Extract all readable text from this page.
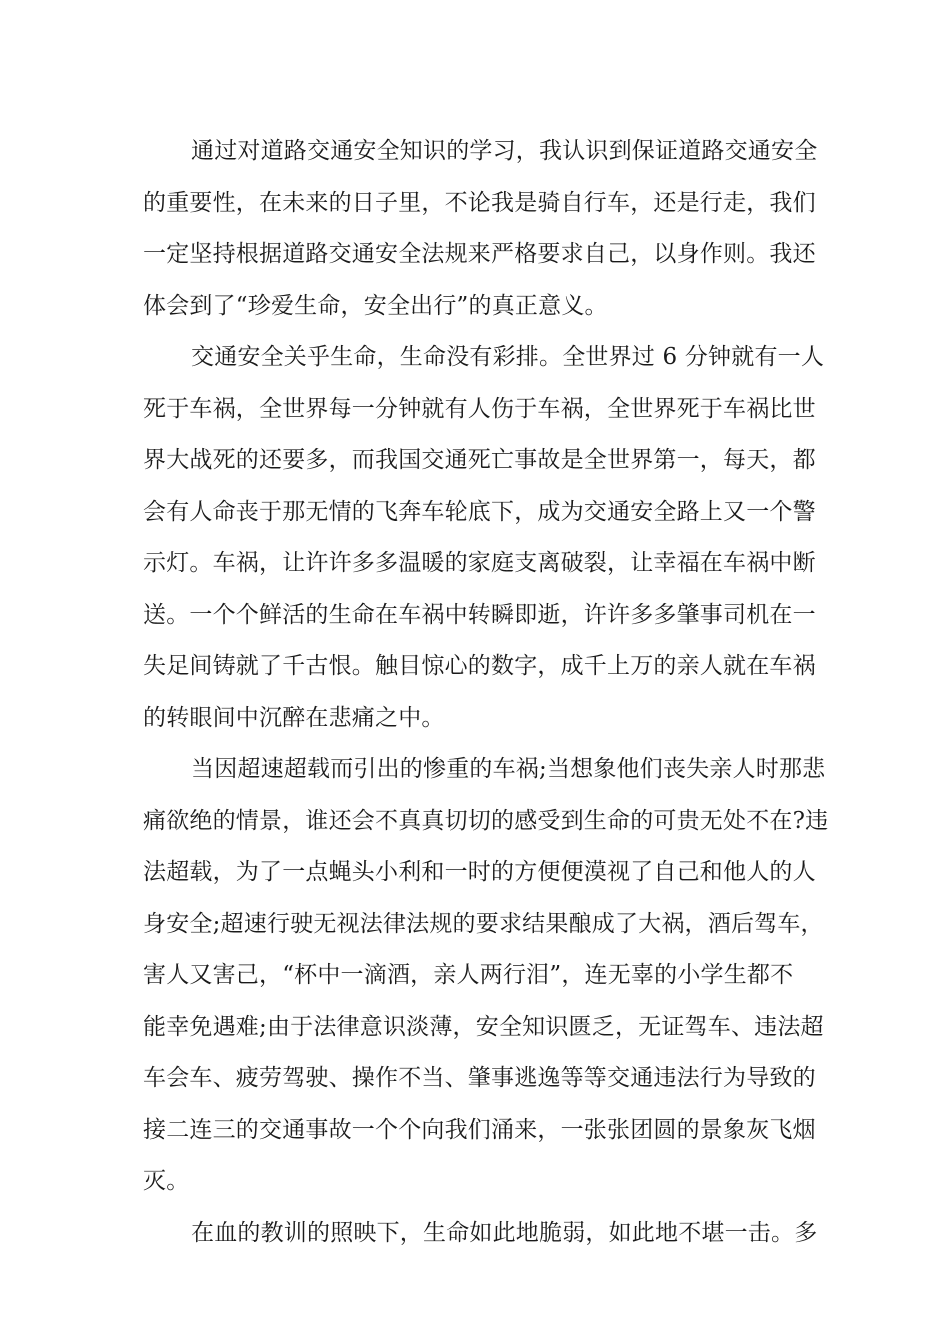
通过对道路交通安全知识的学习，我认识到保证道路交通安全
的重要性，在未来的日子里，不论我是骑自行车，还是行走，我们
一定坚持根据道路交通安全法规来严格要求自己，以身作则。我还
体会到了“珍爱生命，安全出行”的真正意义。

交通安全关乎生命，生命没有彩排。全世界过 6 分钟就有一人
死于车祸，全世界每一分钟就有人伤于车祸，全世界死于车祸比世
界大战死的还要多，而我国交通死亡事故是全世界第一，每天，都
会有人命丧于那无情的飞奔车轮底下，成为交通安全路上又一个警
示灯。车祸，让许许多多温暖的家庭支离破裂，让幸福在车祸中断
送。一个个鲜活的生命在车祸中转瞬即逝，许许多多肇事司机在一
失足间铸就了千古恨。触目惊心的数字，成千上万的亲人就在车祸
的转眼间中沉醉在悲痛之中。

当因超速超载而引出的惨重的车祸;当想象他们丧失亲人时那悲
痛欲绝的情景，谁还会不真真切切的感受到生命的可贵无处不在?违
法超载，为了一点蝇头小利和一时的方便便漠视了自己和他人的人
身安全;超速行驶无视法律法规的要求结果酿成了大祸，酒后驾车，
害人又害己，“杯中一滴酒，亲人两行泪”，连无辜的小学生都不
能幸免遇难;由于法律意识淡薄，安全知识匮乏，无证驾车、违法超
车会车、疲劳驾驶、操作不当、肇事逃逸等等交通违法行为导致的
接二连三的交通事故一个个向我们涌来，一张张团圆的景象灰飞烟
灭。

在血的教训的照映下，生命如此地脆弱，如此地不堪一击。多
